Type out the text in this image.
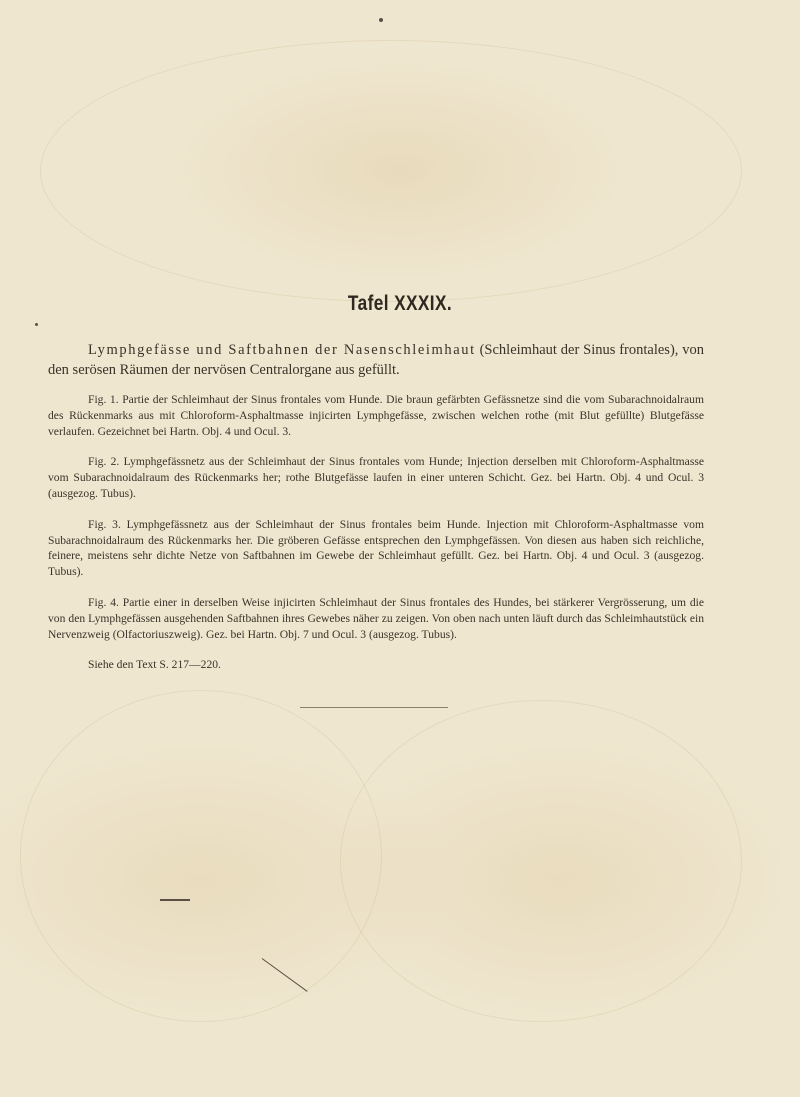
Tafel XXXIX.
Lymphgefässe und Saftbahnen der Nasenschleimhaut (Schleimhaut der Sinus frontales), von den serösen Räumen der nervösen Centralorgane aus gefüllt.

Fig. 1. Partie der Schleimhaut der Sinus frontales vom Hunde. Die braun gefärbten Gefässnetze sind die vom Subarachnoidalraum des Rückenmarks aus mit Chloroform-Asphaltmasse injicirten Lymphgefässe, zwischen welchen rothe (mit Blut gefüllte) Blutgefässe verlaufen. Gezeichnet bei Hartn. Obj. 4 und Ocul. 3.

Fig. 2. Lymphgefässnetz aus der Schleimhaut der Sinus frontales vom Hunde; Injection derselben mit Chloroform-Asphaltmasse vom Subarachnoidalraum des Rückenmarks her; rothe Blutgefässe laufen in einer unteren Schicht. Gez. bei Hartn. Obj. 4 und Ocul. 3 (ausgezog. Tubus).

Fig. 3. Lymphgefässnetz aus der Schleimhaut der Sinus frontales beim Hunde. Injection mit Chloroform-Asphaltmasse vom Subarachnoidalraum des Rückenmarks her. Die gröberen Gefässe entsprechen den Lymphgefässen. Von diesen aus haben sich reichliche, feinere, meistens sehr dichte Netze von Saftbahnen im Gewebe der Schleimhaut gefüllt. Gez. bei Hartn. Obj. 4 und Ocul. 3 (ausgezog. Tubus).

Fig. 4. Partie einer in derselben Weise injicirten Schleimhaut der Sinus frontales des Hundes, bei stärkerer Vergrösserung, um die von den Lymphgefässen ausgehenden Saftbahnen ihres Gewebes näher zu zeigen. Von oben nach unten läuft durch das Schleimhautstück ein Nervenzweig (Olfactoriuszweig). Gez. bei Hartn. Obj. 7 und Ocul. 3 (ausgezog. Tubus).

Siehe den Text S. 217—220.
